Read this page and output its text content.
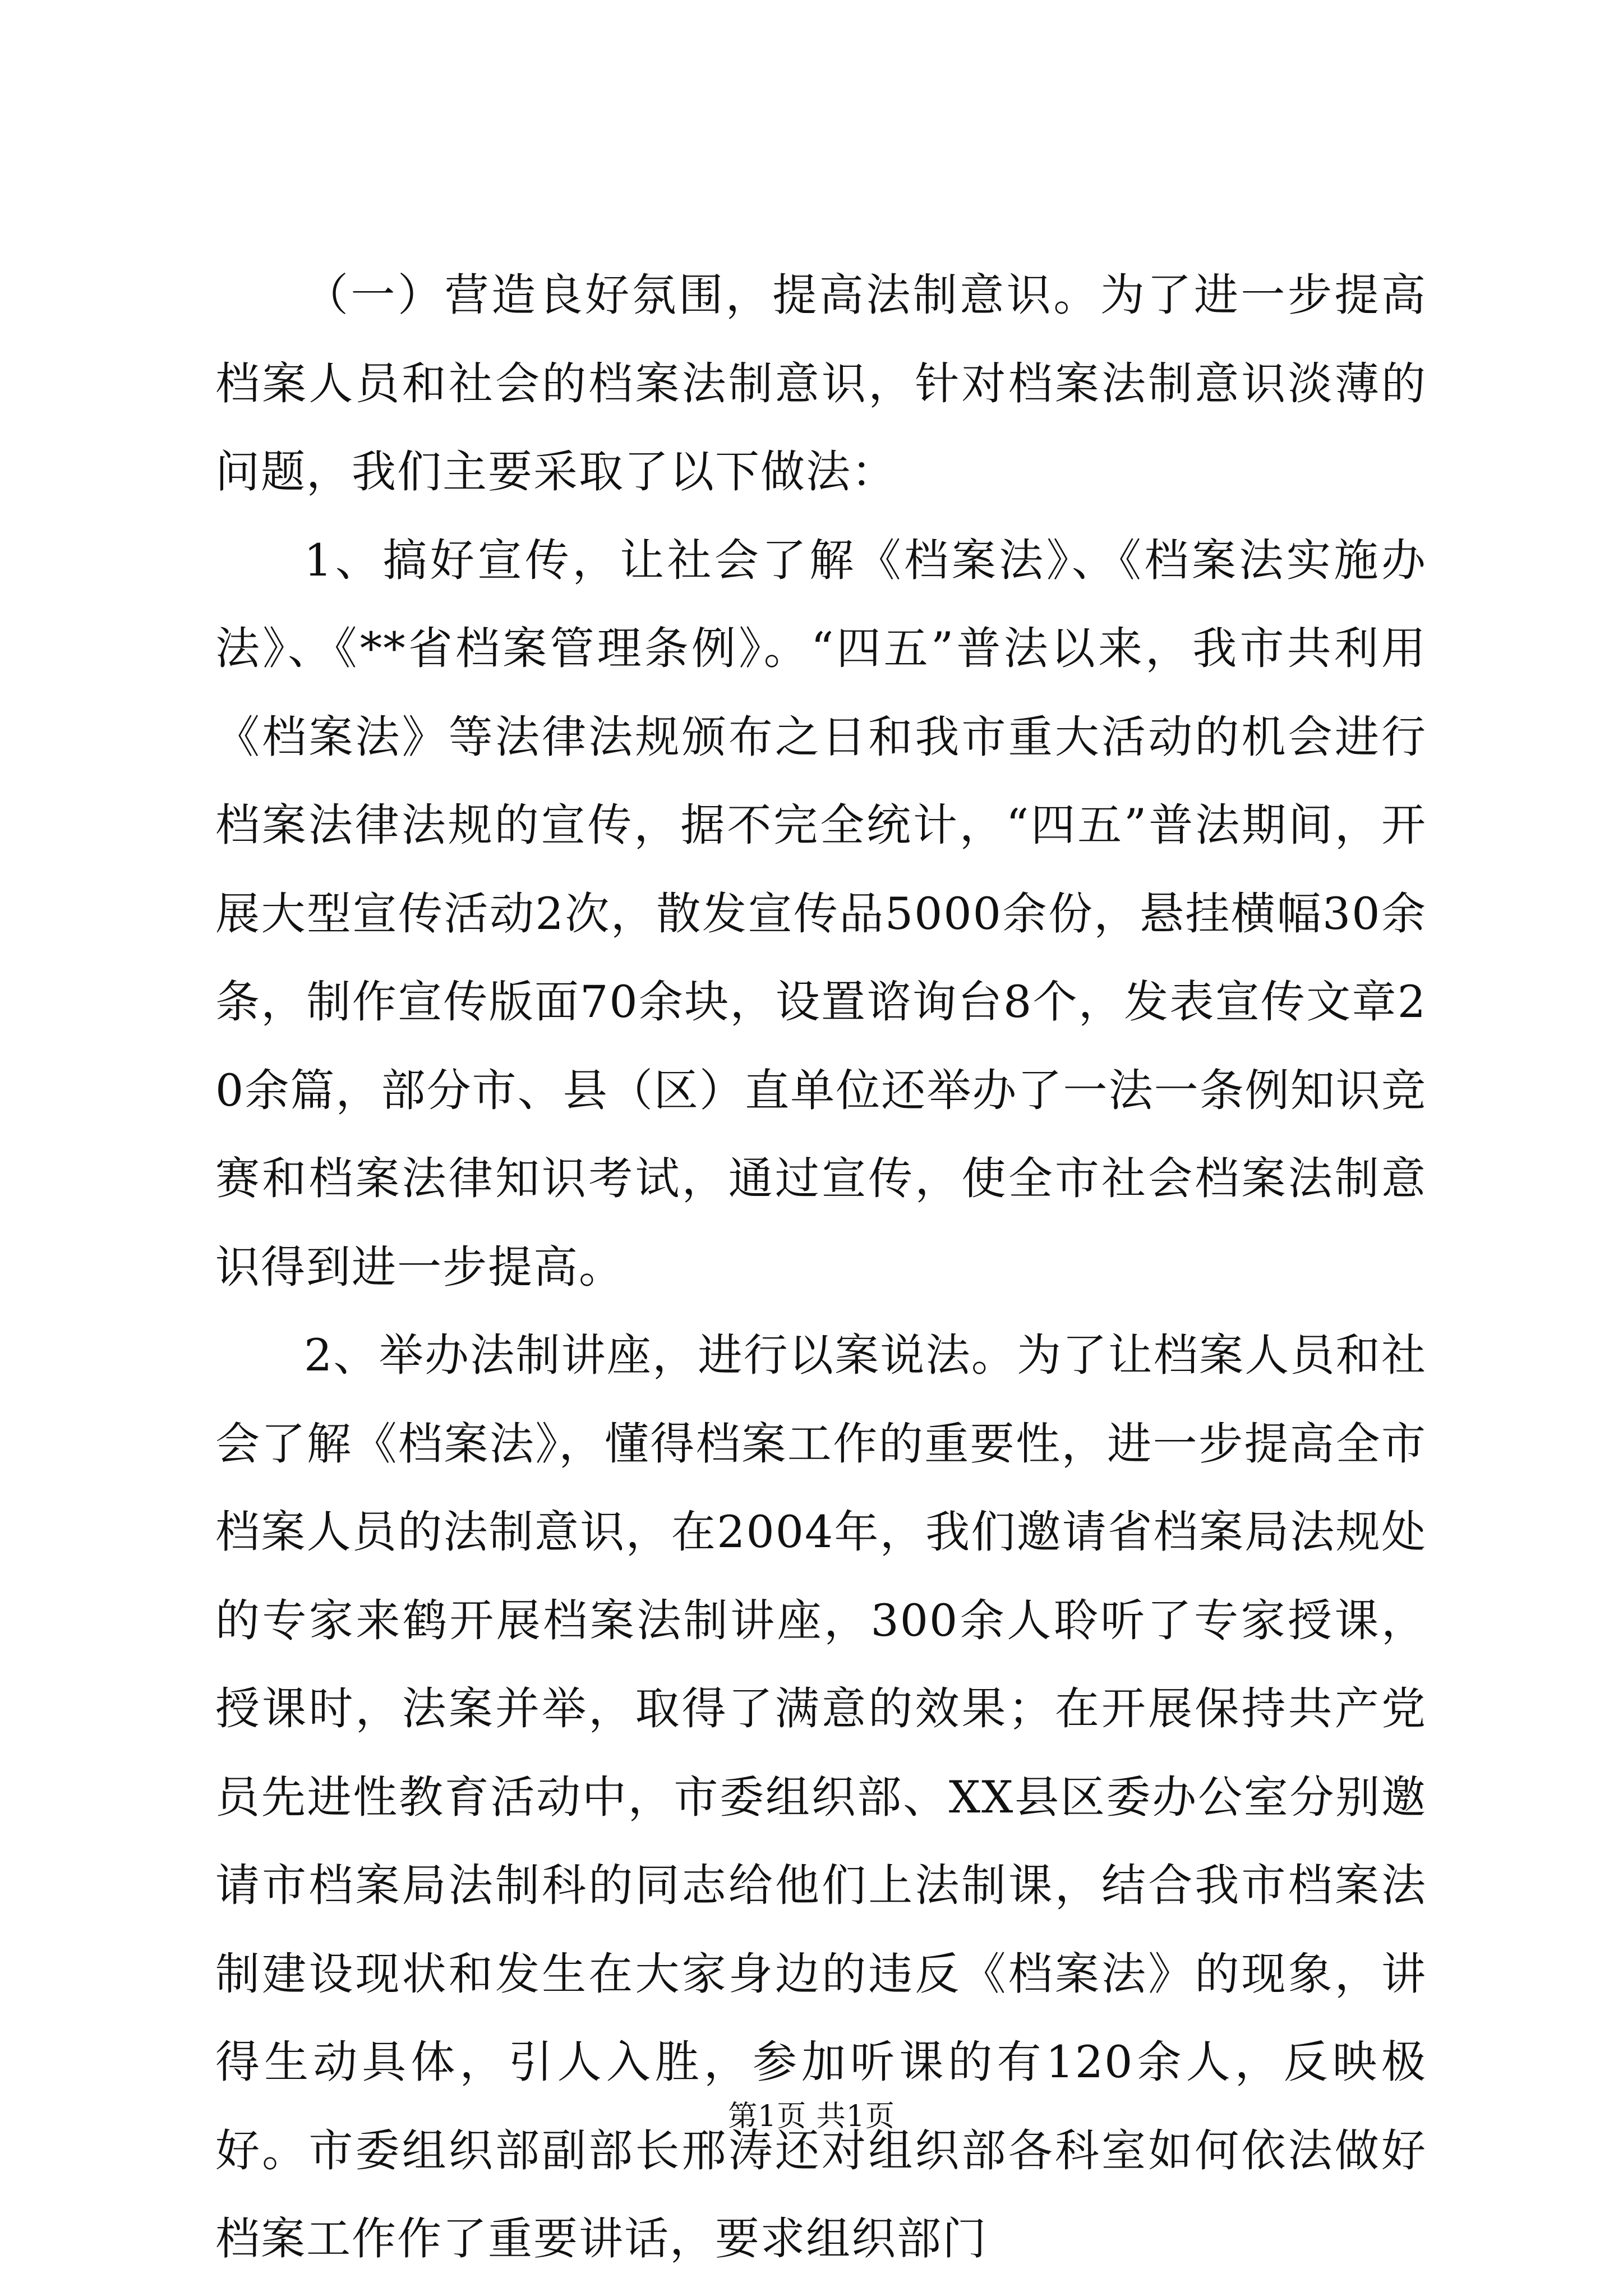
（一）营造良好氛围，提高法制意识。为了进一步提高档案人员和社会的档案法制意识，针对档案法制意识淡薄的问题，我们主要采取了以下做法：

1、搞好宣传，让社会了解《档案法》、《档案法实施办法》、《**省档案管理条例》。“四五”普法以来，我市共利用《档案法》等法律法规颁布之日和我市重大活动的机会进行档案法律法规的宣传，据不完全统计，“四五”普法期间，开展大型宣传活动2次，散发宣传品5000余份，悬挂横幅30余条，制作宣传版面70余块，设置谘询台8个，发表宣传文章20余篇，部分市、县（区）直单位还举办了一法一条例知识竞赛和档案法律知识考试，通过宣传，使全市社会档案法制意识得到进一步提高。

2、举办法制讲座，进行以案说法。为了让档案人员和社会了解《档案法》，懂得档案工作的重要性，进一步提高全市档案人员的法制意识，在2004年，我们邀请省档案局法规处的专家来鹤开展档案法制讲座，300余人聆听了专家授课，授课时，法案并举，取得了满意的效果；在开展保持共产党员先进性教育活动中，市委组织部、XX县区委办公室分别邀请市档案局法制科的同志给他们上法制课，结合我市档案法制建设现状和发生在大家身边的违反《档案法》的现象，讲得生动具体，引人入胜，参加听课的有120余人，反映极好。市委组织部副部长邢涛还对组织部各科室如何依法做好档案工作作了重要讲话，要求组织部门

第1页 共1页
